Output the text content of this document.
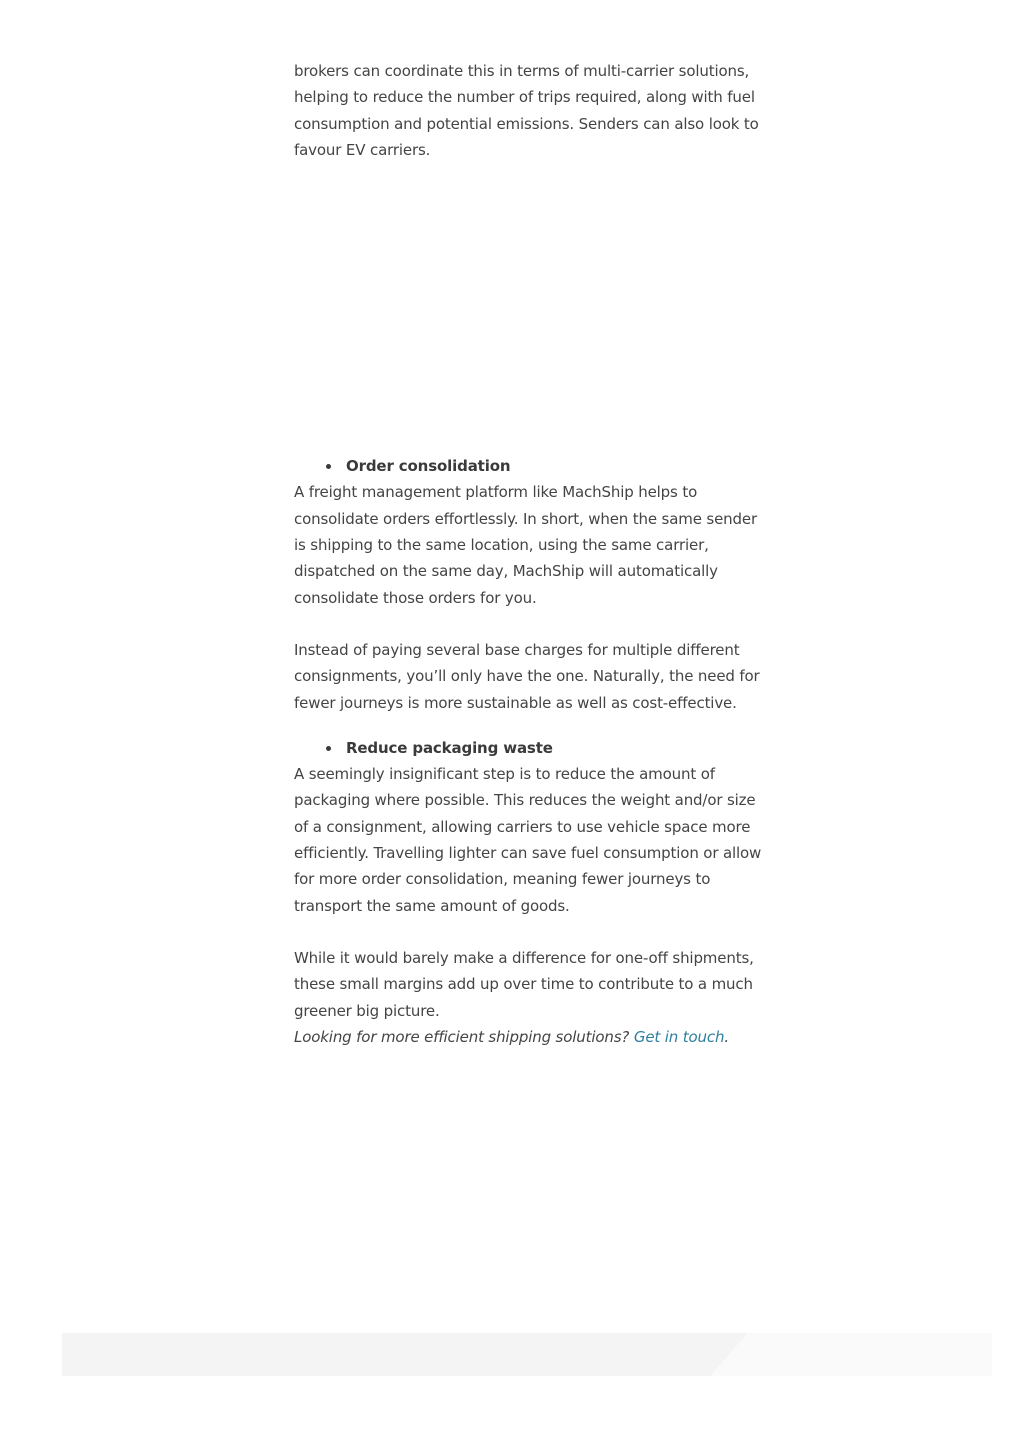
brokers can coordinate this in terms of multi-carrier solutions, helping to reduce the number of trips required, along with fuel consumption and potential emissions. Senders can also look to favour EV carriers.

Order consolidation

A freight management platform like MachShip helps to consolidate orders effortlessly. In short, when the same sender is shipping to the same location, using the same carrier, dispatched on the same day, MachShip will automatically consolidate those orders for you.

Instead of paying several base charges for multiple different consignments, you’ll only have the one. Naturally, the need for fewer journeys is more sustainable as well as cost-effective.

Reduce packaging waste

A seemingly insignificant step is to reduce the amount of packaging where possible. This reduces the weight and/or size of a consignment, allowing carriers to use vehicle space more efficiently. Travelling lighter can save fuel consumption or allow for more order consolidation, meaning fewer journeys to transport the same amount of goods.

While it would barely make a difference for one-off shipments, these small margins add up over time to contribute to a much greener big picture.

Looking for more efficient shipping solutions? Get in touch.
